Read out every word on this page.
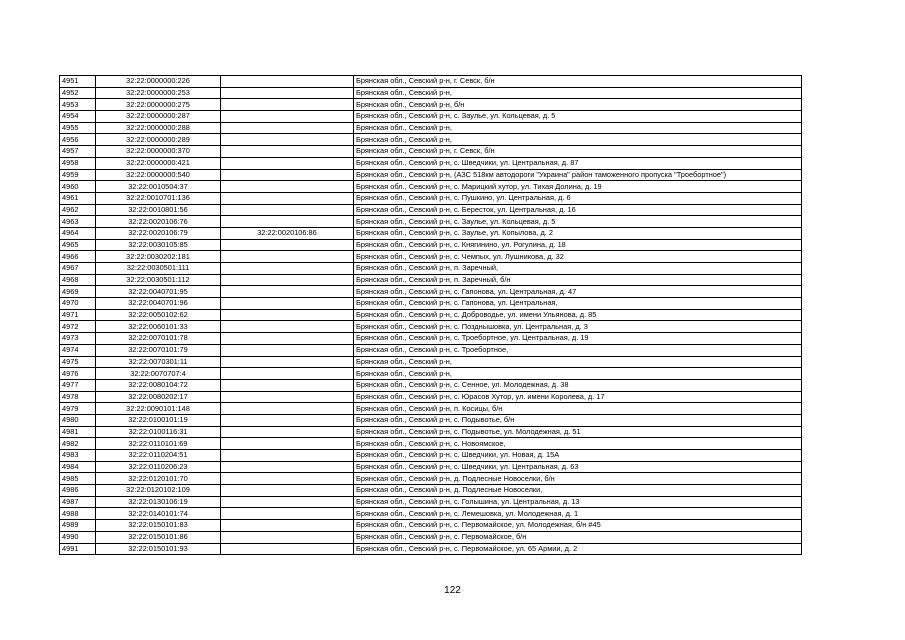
4951	32:22:0000000:226		Брянская обл., Севский р-н, г. Севск, б/н
4952	32:22:0000000:253		Брянская обл., Севский р-н,
4953	32:22:0000000:275		Брянская обл., Севский р-н, б/н
4954	32:22:0000000:287		Брянская обл., Севский р-н, с. Заулье, ул. Кольцевая, д. 5
4955	32:22:0000000:288		Брянская обл., Севский р-н,
4956	32:22:0000000:289		Брянская обл., Севский р-н,
4957	32:22:0000000:370		Брянская обл., Севский р-н, г. Севск, б/н
4958	32:22:0000000:421		Брянская обл., Севский р-н, с. Шведчики, ул. Центральная, д. 87
4959	32:22:0000000:540		Брянская обл., Севский р-н, (АЗС 518км автодороги "Украина" район таможенного пропуска "Троебортное")
4960	32:22:0010504:37		Брянская обл., Севский р-н, с. Марицкий хутор, ул. Тихая Долина, д. 19
4961	32:22:0010701:136		Брянская обл., Севский р-н, с. Пушкино, ул. Центральная, д. 6
4962	32:22:0010801:56		Брянская обл., Севский р-н, с. Бересток, ул. Центральная, д. 16
4963	32:22:0020106:76		Брянская обл., Севский р-н, с. Заулье, ул. Кольцевая, д. 5
4964	32:22:0020106:79	32:22:0020106:86	Брянская обл., Севский р-н, с. Заулье, ул. Копылова, д. 2
4965	32:22:0030105:85		Брянская обл., Севский р-н, с. Княгинино, ул. Рогулина, д. 18
4966	32:22:0030202:181		Брянская обл., Севский р-н, с. Чемпых, ул. Лушникова, д. 32
4967	32:22:0030501:111		Брянская обл., Севский р-н, п. Заречный,
4968	32:22:0030501:112		Брянская обл., Севский р-н, п. Заречный, б/н
4969	32:22:0040701:95		Брянская обл., Севский р-н, с. Гапонова, ул. Центральная, д. 47
4970	32:22:0040701:96		Брянская обл., Севский р-н, с. Гапонова, ул. Центральная,
4971	32:22:0050102:62		Брянская обл., Севский р-н, с. Доброводье, ул. имени Ульянова, д. 85
4972	32:22:0060101:33		Брянская обл., Севский р-н, с. Позднышовка, ул. Центральная, д. 3
4973	32:22:0070101:78		Брянская обл., Севский р-н, с. Троебортное, ул. Центральная, д. 19
4974	32:22:0070101:79		Брянская обл., Севский р-н, с. Троебортное,
4975	32:22:0070301:11		Брянская обл., Севский р-н,
4976	32:22:0070707:4		Брянская обл., Севский р-н,
4977	32:22:0080104:72		Брянская обл., Севский р-н, с. Сенное, ул. Молодежная, д. 38
4978	32:22:0080202:17		Брянская обл., Севский р-н, с. Юрасов Хутор, ул. имени Королева, д. 17
4979	32:22:0090101:148		Брянская обл., Севский р-н, п. Косицы, б/н
4980	32:22:0100101:19		Брянская обл., Севский р-н, с. Подывотье, б/н
4981	32:22:0100116:31		Брянская обл., Севский р-н, с. Подывотье, ул. Молодежная, д. 51
4982	32:22:0110101:69		Брянская обл., Севский р-н, с. Новоямское,
4983	32:22:0110204:51		Брянская обл., Севский р-н, с. Шведчики, ул. Новая, д. 15А
4984	32:22:0110206:23		Брянская обл., Севский р-н, с. Шведчики, ул. Центральная, д. 63
4985	32:22:0120101:70		Брянская обл., Севский р-н, д. Подлесные Новоселки, б/н
4986	32:22:0120102:109		Брянская обл., Севский р-н, д. Подлесные Новоселки,
4987	32:22:0130106:19		Брянская обл., Севский р-н, с. Голышина, ул. Центральная, д. 13
4988	32:22:0140101:74		Брянская обл., Севский р-н, с. Лемешовка, ул. Молодежная, д. 1
4989	32:22:0150101:83		Брянская обл., Севский р-н, с. Первомайское, ул. Молодежная, б/н #45
4990	32:22:0150101:86		Брянская обл., Севский р-н, с. Первомайское, б/н
4991	32:22:0150101:93		Брянская обл., Севский р-н, с. Первомайское, ул. 65 Армии, д. 2
122
